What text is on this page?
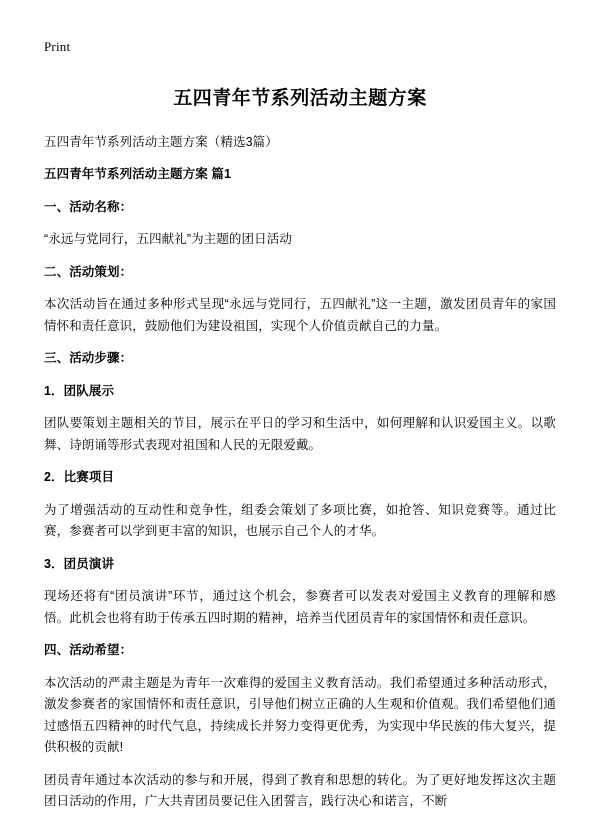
Print
五四青年节系列活动主题方案

五四青年节系列活动主题方案（精选3篇）

五四青年节系列活动主题方案 篇1

一、活动名称：

“永远与党同行，五四献礼”为主题的团日活动

二、活动策划：

本次活动旨在通过多种形式呈现“永远与党同行，五四献礼”这一主题，激发团员青年的家国情怀和责任意识，鼓励他们为建设祖国，实现个人价值贡献自己的力量。

三、活动步骤：

1．团队展示

团队要策划主题相关的节目，展示在平日的学习和生活中，如何理解和认识爱国主义。以歌舞、诗朗诵等形式表现对祖国和人民的无限爱戴。

2．比赛项目

为了增强活动的互动性和竞争性，组委会策划了多项比赛，如抢答、知识竞赛等。通过比赛，参赛者可以学到更丰富的知识，也展示自己个人的才华。

3．团员演讲

现场还将有“团员演讲”环节，通过这个机会，参赛者可以发表对爱国主义教育的理解和感悟。此机会也将有助于传承五四时期的精神，培养当代团员青年的家国情怀和责任意识。

四、活动希望：

本次活动的严肃主题是为青年一次难得的爱国主义教育活动。我们希望通过多种活动形式，激发参赛者的家国情怀和责任意识，引导他们树立正确的人生观和价值观。我们希望他们通过感悟五四精神的时代气息，持续成长并努力变得更优秀，为实现中华民族的伟大复兴，提供积极的贡献!

团员青年通过本次活动的参与和开展，得到了教育和思想的转化。为了更好地发挥这次主题团日活动的作用，广大共青团员要记住入团誓言，践行决心和诺言，不断
